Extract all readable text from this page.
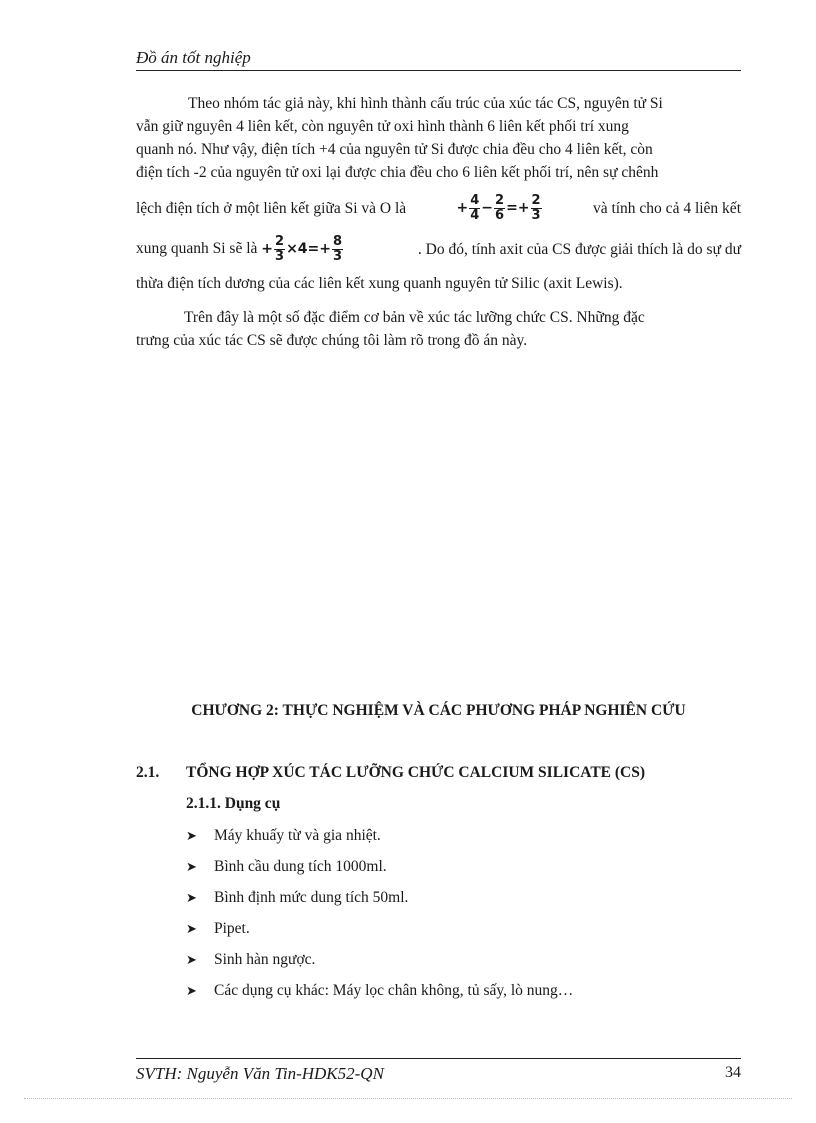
Đồ án tốt nghiệp
Theo nhóm tác giả này, khi hình thành cấu trúc của xúc tác CS, nguyên tử Si
vẫn giữ nguyên 4 liên kết, còn nguyên tử oxi hình thành 6 liên kết phối trí xung
quanh nó. Như vậy, điện tích +4 của nguyên tử Si được chia đều cho 4 liên kết, còn
điện tích -2 của nguyên tử oxi lại được chia đều cho 6 liên kết phối trí, nên sự chênh
lệch điện tích ở một liên kết giữa Si và O là	+ $\frac{4}{4} - \frac{2}{6} =+ \frac{2}{3}$	và tính cho cả 4 liên kết
xung quanh Si sẽ là + $\frac{2}{3} \times 4=+ \frac{8}{3}$	. Do đó, tính axit của CS được giải thích là do sự dư
thừa điện tích dương của các liên kết xung quanh nguyên tử Silic (axit Lewis).
Trên đây là một số đặc điểm cơ bản về xúc tác lưỡng chức CS. Những đặc
trưng của xúc tác CS sẽ được chúng tôi làm rõ trong đồ án này.
CHƯƠNG 2: THỰC NGHIỆM VÀ CÁC PHƯƠNG PHÁP NGHIÊN CỨU
2.1. TỔNG HỢP XÚC TÁC LƯỠNG CHỨC CALCIUM SILICATE (CS)
2.1.1. Dụng cụ
➤	Máy khuấy từ và gia nhiệt.
➤	Bình cầu dung tích 1000ml.
➤	Bình định mức dung tích 50ml.
➤	Pipet.
➤	Sinh hàn ngược.
➤	Các dụng cụ khác: Máy lọc chân không, tủ sấy, lò nung…
SVTH: Nguyễn Văn Tin-HDK52-QN	34
